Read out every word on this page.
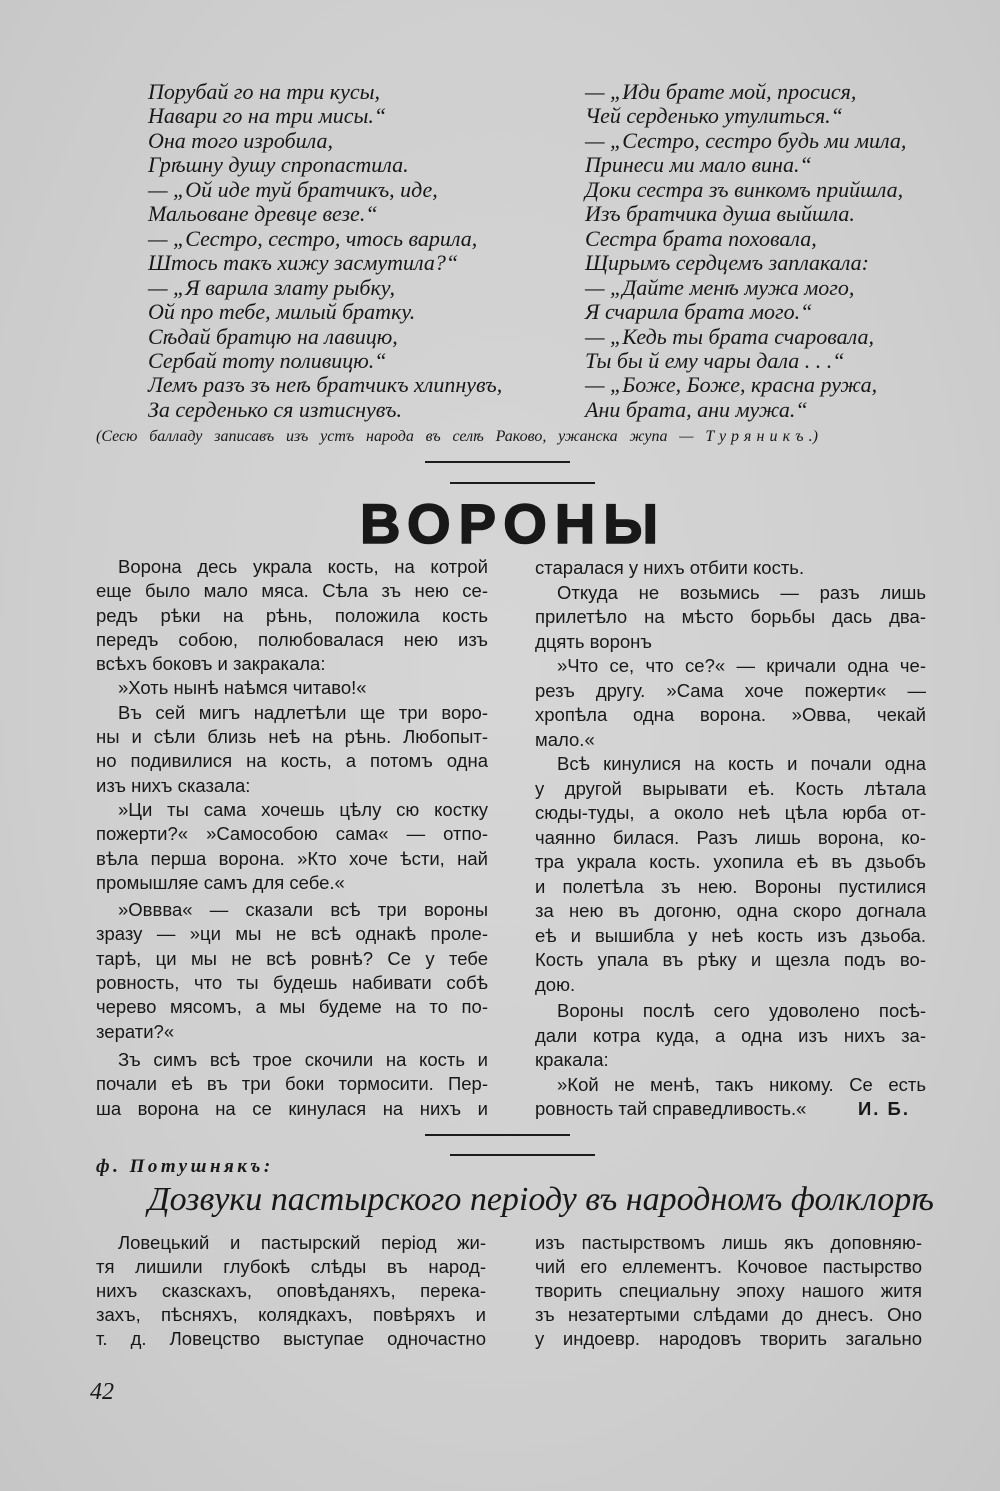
Порубай го на три кусы,
Навари го на три мисы.“
Она того изробила,
Грѣшну душу спропастила.
— „Ой иде туй братчикъ, иде,
Мальоване древце везе.“
— „Сестро, сестро, чтось варила,
Штось такъ хижу засмутила?“
— „Я варила злату рыбку,
Ой про тебе, милый братку.
Сѣдай братцю на лавицю,
Сербай тоту поливицю.“
Лемъ разъ зъ неѣ братчикъ хлипнувъ,
За серденько ся изтиснувъ.
— „Иди брате мой, просися,
Чей серденько утулиться.“
— „Сестро, сестро будь ми мила,
Принеси ми мало вина.“
Доки сестра зъ винкомъ прийшла,
Изъ братчика душа выйшла.
Сестра брата поховала,
Щирымъ сердцемъ заплакала:
— „Дайте менѣ мужа мого,
Я счарила брата мого.“
— „Кедь ты брата счаровала,
Ты бы й ему чары дала . . .“
— „Боже, Боже, красна ружа,
Ани брата, ани мужа.“
(Сесю балладу записавъ изъ устъ народа въ селѣ Раково, ужанска жупа — Туряникъ.)
ВОРОНЫ
Ворона десь украла кость, на котрой
еще было мало мяса. Сѣла зъ нею се-
редъ рѣки на рѣнь, положила кость
передъ собою, полюбовалася нею изъ
всѣхъ боковъ и закракала:
»Хоть нынѣ наѣмся читаво!«
Въ сей мигъ надлетѣли ще три воро-
ны и сѣли близь неѣ на рѣнь. Любопыт-
но подивилися на кость, а потомъ одна
изъ нихъ сказала:
»Ци ты сама хочешь цѣлу сю костку
пожерти?« »Самособою сама« — отпо-
вѣла перша ворона. »Кто хоче ѣсти, най
промышляе самъ для себе.«
»Оввва« — сказали всѣ три вороны
зразу — »ци мы не всѣ однакѣ проле-
тарѣ, ци мы не всѣ ровнѣ? Се у тебе
ровность, что ты будешь набивати собѣ
черево мясомъ, а мы будеме на то по-
зерати?«
Зъ симъ всѣ трое скочили на кость и
почали еѣ въ три боки тормосити. Пер-
ша ворона на се кинулася на нихъ и
старалася у нихъ отбити кость.
Откуда не возьмись — разъ лишь
прилетѣло на мѣсто борьбы дась два-
дцять воронъ
»Что се, что се?« — кричали одна че-
резъ другу. »Сама хоче пожерти« —
хропѣла одна ворона. »Овва, чекай
мало.«
Всѣ кинулися на кость и почали одна
у другой вырывати еѣ. Кость лѣтала
сюды-туды, а около неѣ цѣла юрба от-
чаянно билася. Разъ лишь ворона, ко-
тра украла кость. ухопила еѣ въ дзьобъ
и полетѣла зъ нею. Вороны пустилися
за нею въ догоню, одна скоро догнала
еѣ и вышибла у неѣ кость изъ дзьоба.
Кость упала въ рѣку и щезла подъ во-
дою.
Вороны послѣ сего удоволено посѣ-
дали котра куда, а одна изъ нихъ за-
кракала:
»Кой не менѣ, такъ никому. Се есть
ровность тай справедливость.«	И. Б.
ф. Потушнякъ:
Дозвуки пастырского періоду въ народномъ фолклорѣ
Ловецький и пастырский період жи-
тя лишили глубокѣ слѣды въ народ-
нихъ сказскахъ, оповѣданяхъ, перека-
захъ, пѣсняхъ, колядкахъ, повѣряхъ и
т. д. Ловецство выступае одночастно
изъ пастырствомъ лишь якъ доповняю-
чий его еллементъ. Кочовое пастырство
творить специальну эпоху нашого житя
зъ незатертыми слѣдами до днесъ. Оно
у индоевр. народовъ творить загально
42
